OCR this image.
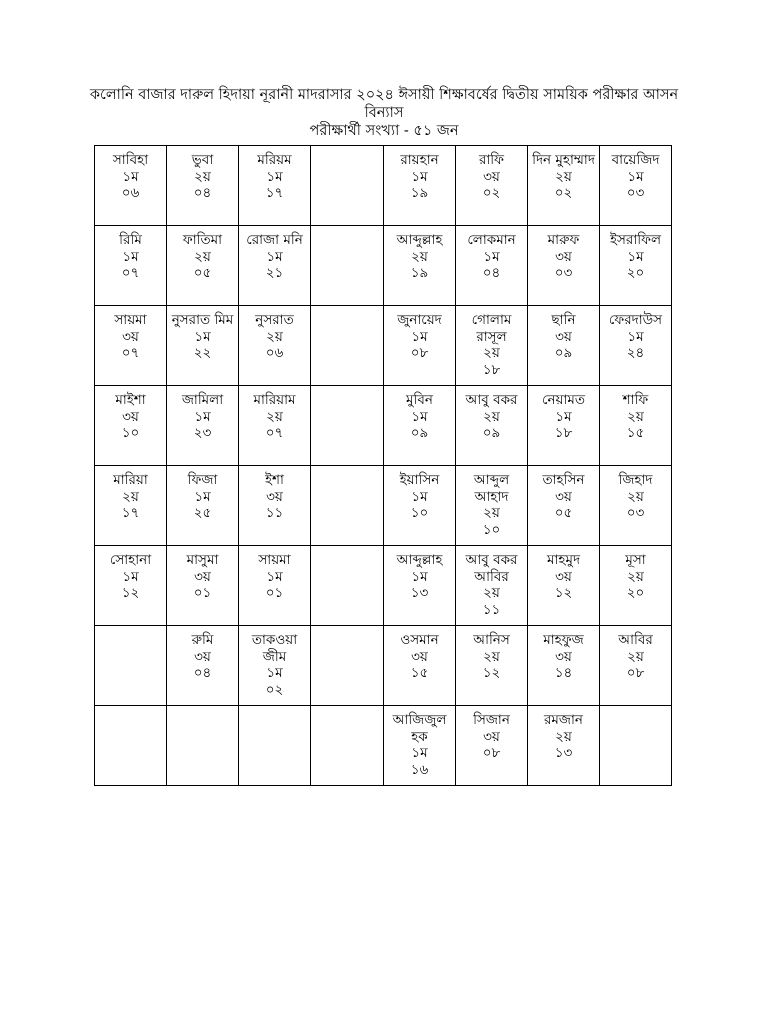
কলোনি বাজার দারুল হিদায়া নূরানী মাদরাসার ২০২৪ ঈসায়ী শিক্ষাবর্ষের দ্বিতীয় সাময়িক পরীক্ষার আসন
বিন্যাস
পরীক্ষার্থী সংখ্যা - ৫১ জন
সাবিহা
১ম
০৬	ভুবা
২য়
০৪	মরিয়ম
১ম
১৭		রায়হান
১ম
১৯	রাফি
৩য়
০২	দিন মুহাম্মাদ
২য়
০২	বায়েজিদ
১ম
০৩

রিমি
১ম
০৭	ফাতিমা
২য়
০৫	রোজা মনি
১ম
২১		আব্দুল্লাহ
২য়
১৯	লোকমান
১ম
০৪	মারুফ
৩য়
০৩	ইসরাফিল
১ম
২০

সায়মা
৩য়
০৭	নুসরাত মিম
১ম
২২	নুসরাত
২য়
০৬		জুনায়েদ
১ম
০৮	গোলাম রাসূল
২য়
১৮	ছানি
৩য়
০৯	ফেরদাউস
১ম
২৪

মাইশা
৩য়
১০	জামিলা
১ম
২৩	মারিয়াম
২য়
০৭		মুবিন
১ম
০৯	আবু বকর
২য়
০৯	নেয়ামত
১ম
১৮	শাফি
২য়
১৫

মারিয়া
২য়
১৭	ফিজা
১ম
২৫	ইশা
৩য়
১১		ইয়াসিন
১ম
১০	আব্দুল আহাদ
২য়
১০	তাহসিন
৩য়
০৫	জিহাদ
২য়
০৩

সোহানা
১ম
১২	মাসুমা
৩য়
০১	সায়মা
১ম
০১		আব্দুল্লাহ
১ম
১৩	আবু বকর আবির
২য়
১১	মাহমুদ
৩য়
১২	মূসা
২য়
২০

	রুমি
৩য়
০৪	তাকওয়া জীম
১ম
০২		ওসমান
৩য়
১৫	আনিস
২য়
১২	মাহফুজ
৩য়
১৪	আবির
২য়
০৮

				আজিজুল হক
১ম
১৬	সিজান
৩য়
০৮	রমজান
২য়
১৩	
